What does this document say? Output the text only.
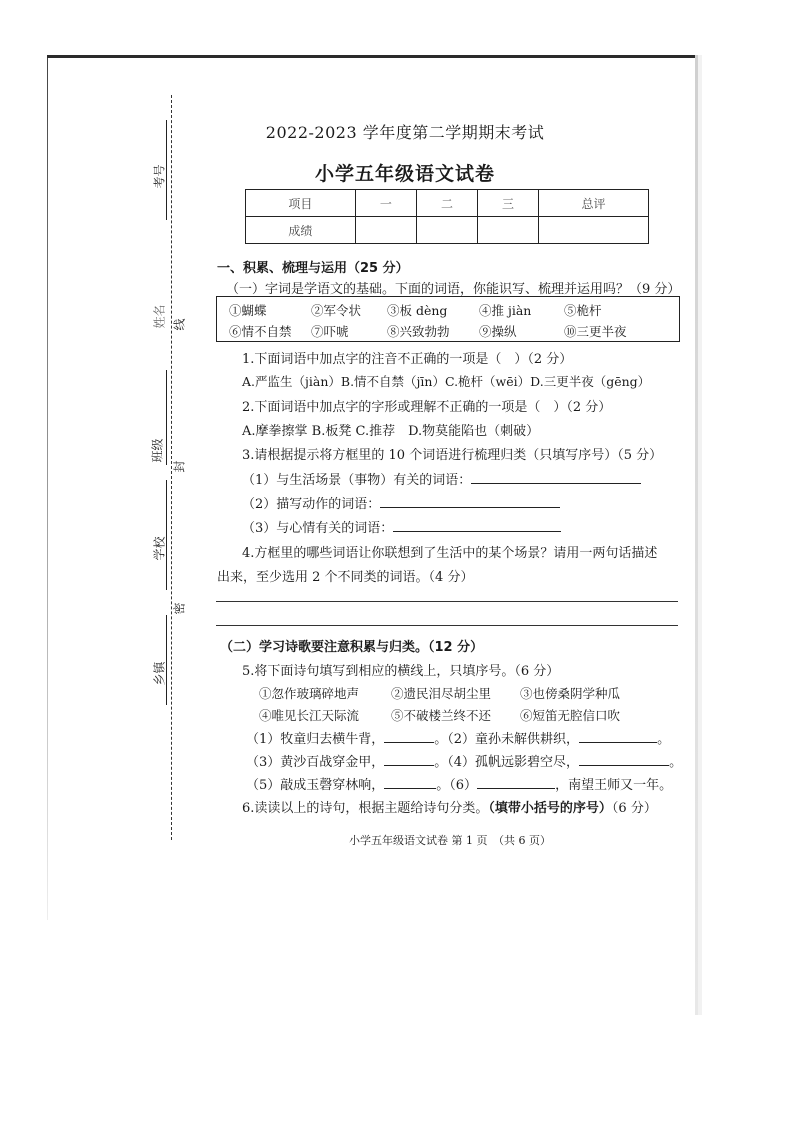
考号
姓名 线
班级
封
学校
密
乡镇
2022-2023 学年度第二学期期末考试
小学五年级语文试卷
项目	一	二	三	总评
成绩				
一、积累、梳理与运用（25 分）
（一）字词是学语文的基础。下面的词语，你能识写、梳理并运用吗？（9 分）
①蝴蝶	②军令状 ③板 dèng	④推 jiàn	⑤桅杆
⑥情不自禁 ⑦吓唬	⑧兴致勃勃 ⑨操纵	⑩三更半夜
1.下面词语中加点字的注音不正确的一项是（　）（2 分）
A.严监生（jiàn）B.情不自禁（jīn）C.桅杆（wēi）D.三更半夜（gēng）
2.下面词语中加点字的字形或理解不正确的一项是（　）（2 分）
A.摩拳擦掌 B.板凳 C.推荐　D.物莫能陷也（刺破）
3.请根据提示将方框里的 10 个词语进行梳理归类（只填写序号）（5 分）
（1）与生活场景（事物）有关的词语：
（2）描写动作的词语：
（3）与心情有关的词语：
4.方框里的哪些词语让你联想到了生活中的某个场景？请用一两句话描述
出来，至少选用 2 个不同类的词语。（4 分）
（二）学习诗歌要注意积累与归类。（12 分）
5.将下面诗句填写到相应的横线上，只填序号。（6 分）
①忽作玻璃碎地声	②遗民泪尽胡尘里 ③也傍桑阴学种瓜
④唯见长江天际流	⑤不破楼兰终不还 ⑥短笛无腔信口吹
（1）牧童归去横牛背，	。（2）童孙未解供耕织，	。
（3）黄沙百战穿金甲，	。（4）孤帆远影碧空尽，	。
（5）敲成玉磬穿林响，	。（6）	，南望王师又一年。
6.读读以上的诗句，根据主题给诗句分类。（填带小括号的序号）（6 分）
小学五年级语文试卷 第 1 页　（共 6 页）
